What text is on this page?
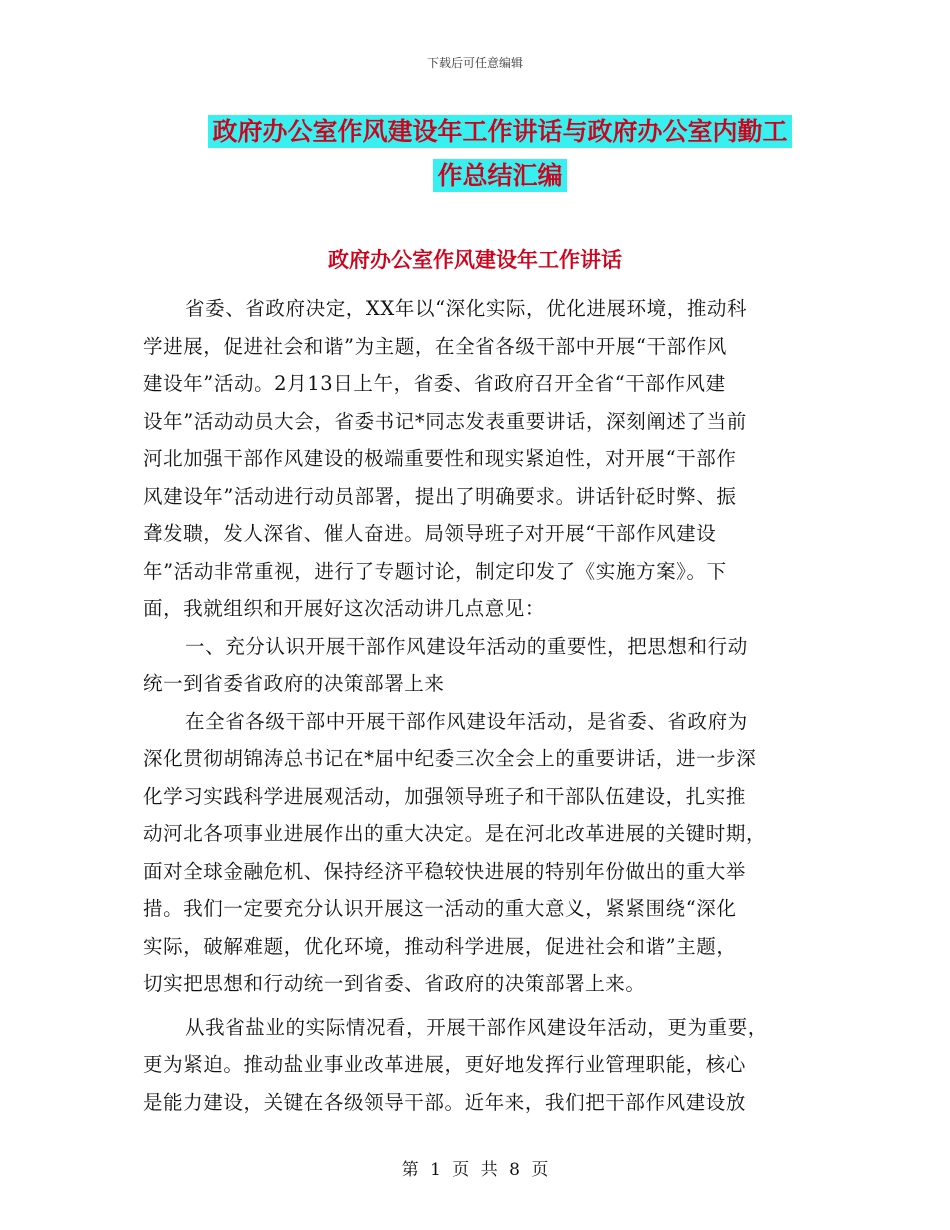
下载后可任意编辑
政府办公室作风建设年工作讲话与政府办公室内勤工
作总结汇编
政府办公室作风建设年工作讲话
省委、省政府决定，XX年以“深化实际，优化进展环境，推动科
学进展，促进社会和谐”为主题，在全省各级干部中开展“干部作风
建设年”活动。2月13日上午，省委、省政府召开全省“干部作风建
设年”活动动员大会，省委书记*同志发表重要讲话，深刻阐述了当前
河北加强干部作风建设的极端重要性和现实紧迫性，对开展“干部作
风建设年”活动进行动员部署，提出了明确要求。讲话针砭时弊、振
聋发聩，发人深省、催人奋进。局领导班子对开展“干部作风建设
年”活动非常重视，进行了专题讨论，制定印发了《实施方案》。下
面，我就组织和开展好这次活动讲几点意见：
一、充分认识开展干部作风建设年活动的重要性，把思想和行动
统一到省委省政府的决策部署上来
在全省各级干部中开展干部作风建设年活动，是省委、省政府为
深化贯彻胡锦涛总书记在*届中纪委三次全会上的重要讲话，进一步深
化学习实践科学进展观活动，加强领导班子和干部队伍建设，扎实推
动河北各项事业进展作出的重大决定。是在河北改革进展的关键时期，
面对全球金融危机、保持经济平稳较快进展的特别年份做出的重大举
措。我们一定要充分认识开展这一活动的重大意义，紧紧围绕“深化
实际，破解难题，优化环境，推动科学进展，促进社会和谐”主题，
切实把思想和行动统一到省委、省政府的决策部署上来。
从我省盐业的实际情况看，开展干部作风建设年活动，更为重要，
更为紧迫。推动盐业事业改革进展，更好地发挥行业管理职能，核心
是能力建设，关键在各级领导干部。近年来，我们把干部作风建设放
第 1 页 共 8 页
